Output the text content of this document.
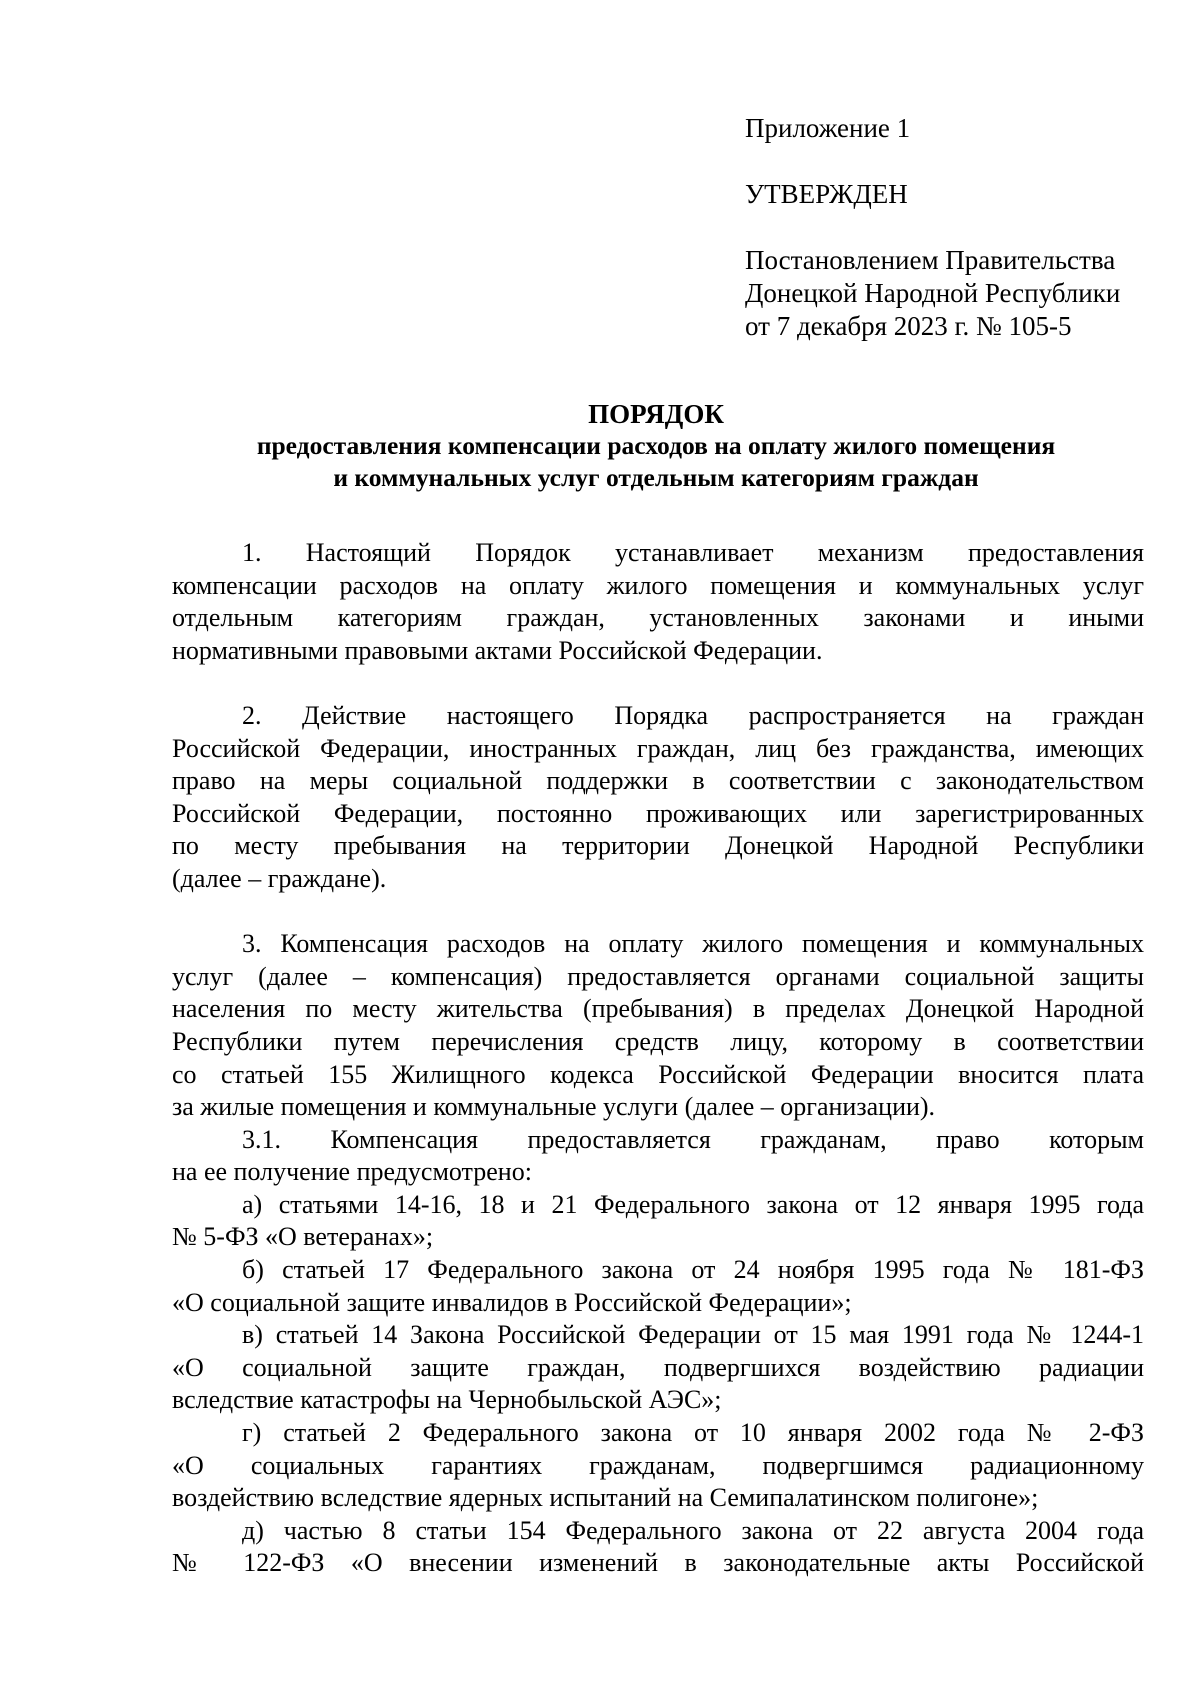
Приложение 1
УТВЕРЖДЕН
Постановлением Правительства
Донецкой Народной Республики
от 7 декабря 2023 г. № 105-5
ПОРЯДОК
предоставления компенсации расходов на оплату жилого помещения
и коммунальных услуг отдельным категориям граждан

1. Настоящий Порядок устанавливает механизм предоставления
компенсации расходов на оплату жилого помещения и коммунальных услуг
отдельным категориям граждан, установленных законами и иными
нормативными правовыми актами Российской Федерации.

2. Действие настоящего Порядка распространяется на граждан
Российской Федерации, иностранных граждан, лиц без гражданства, имеющих
право на меры социальной поддержки в соответствии с законодательством
Российской Федерации, постоянно проживающих или зарегистрированных
по месту пребывания на территории Донецкой Народной Республики
(далее – граждане).

3. Компенсация расходов на оплату жилого помещения и коммунальных
услуг (далее – компенсация) предоставляется органами социальной защиты
населения по месту жительства (пребывания) в пределах Донецкой Народной
Республики путем перечисления средств лицу, которому в соответствии
со статьей 155 Жилищного кодекса Российской Федерации вносится плата
за жилые помещения и коммунальные услуги (далее – организации).

3.1. Компенсация предоставляется гражданам, право которым
на ее получение предусмотрено:

а) статьями 14-16, 18 и 21 Федерального закона от 12 января 1995 года
№ 5-ФЗ «О ветеранах»;

б) статьей 17 Федерального закона от 24 ноября 1995 года № 181-ФЗ
«О социальной защите инвалидов в Российской Федерации»;

в) статьей 14 Закона Российской Федерации от 15 мая 1991 года № 1244-1
«О социальной защите граждан, подвергшихся воздействию радиации
вследствие катастрофы на Чернобыльской АЭС»;

г) статьей 2 Федерального закона от 10 января 2002 года № 2-ФЗ
«О социальных гарантиях гражданам, подвергшимся радиационному
воздействию вследствие ядерных испытаний на Семипалатинском полигоне»;

д) частью 8 статьи 154 Федерального закона от 22 августа 2004 года
№ 122-ФЗ «О внесении изменений в законодательные акты Российской
